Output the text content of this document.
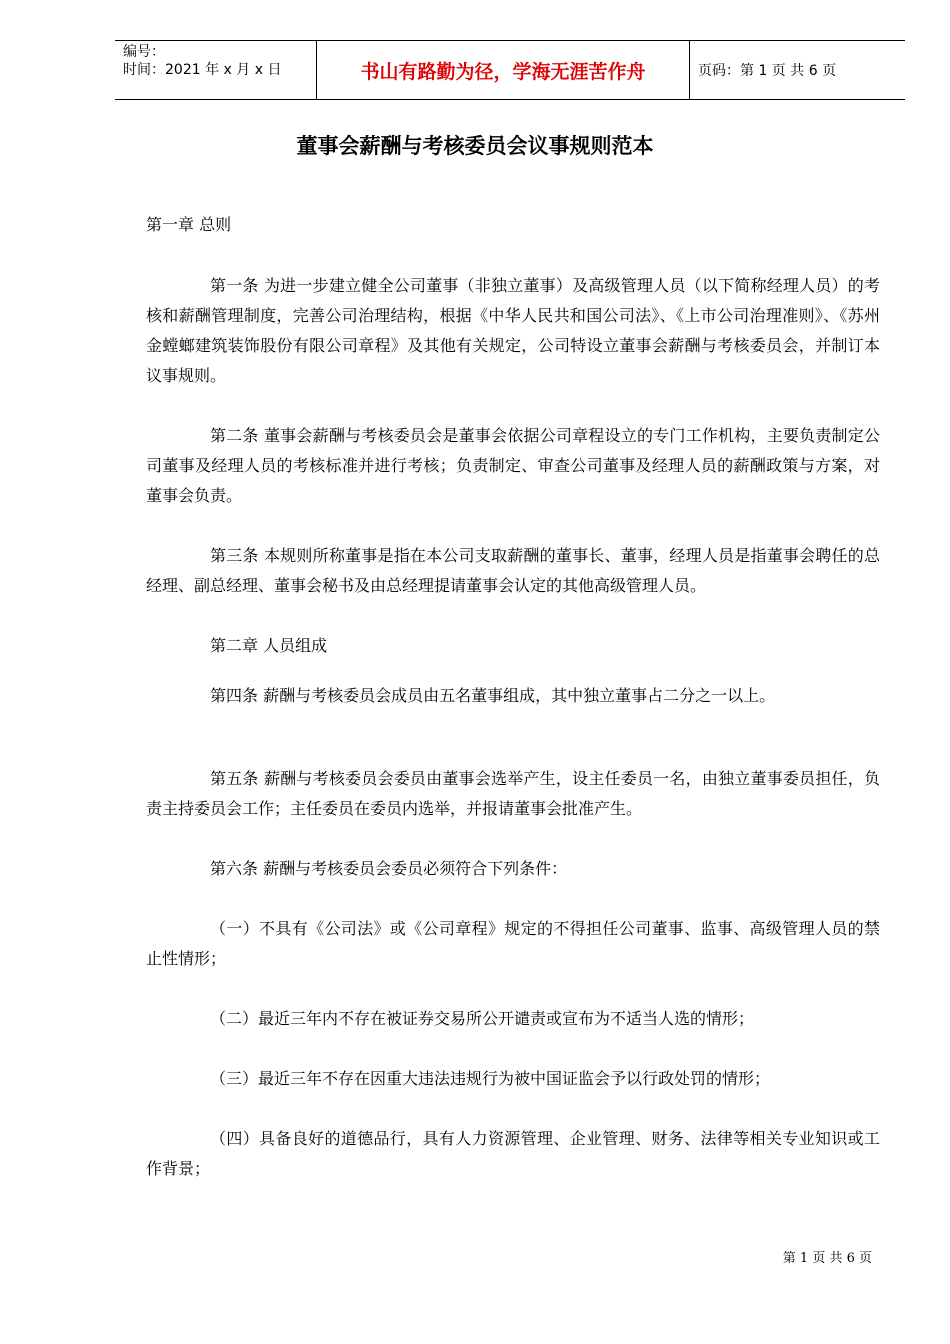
编号：
时间：2021 年 x 月 x 日	书山有路勤为径，学海无涯苦作舟	页码：第 1 页 共 6 页
董事会薪酬与考核委员会议事规则范本

第一章 总则

第一条 为进一步建立健全公司董事（非独立董事）及高级管理人员（以下简称经理人员）的考核和薪酬管理制度，完善公司治理结构，根据《中华人民共和国公司法》、《上市公司治理准则》、《苏州金螳螂建筑装饰股份有限公司章程》及其他有关规定，公司特设立董事会薪酬与考核委员会，并制订本议事规则。

第二条 董事会薪酬与考核委员会是董事会依据公司章程设立的专门工作机构，主要负责制定公司董事及经理人员的考核标准并进行考核；负责制定、审查公司董事及经理人员的薪酬政策与方案，对董事会负责。

第三条 本规则所称董事是指在本公司支取薪酬的董事长、董事，经理人员是指董事会聘任的总经理、副总经理、董事会秘书及由总经理提请董事会认定的其他高级管理人员。

第二章 人员组成

第四条 薪酬与考核委员会成员由五名董事组成，其中独立董事占二分之一以上。

第五条 薪酬与考核委员会委员由董事会选举产生，设主任委员一名，由独立董事委员担任，负责主持委员会工作；主任委员在委员内选举，并报请董事会批准产生。

第六条 薪酬与考核委员会委员必须符合下列条件：

（一）不具有《公司法》或《公司章程》规定的不得担任公司董事、监事、高级管理人员的禁止性情形；

（二）最近三年内不存在被证券交易所公开谴责或宣布为不适当人选的情形；

（三）最近三年不存在因重大违法违规行为被中国证监会予以行政处罚的情形；

（四）具备良好的道德品行，具有人力资源管理、企业管理、财务、法律等相关专业知识或工作背景；

第 1 页 共 6 页
